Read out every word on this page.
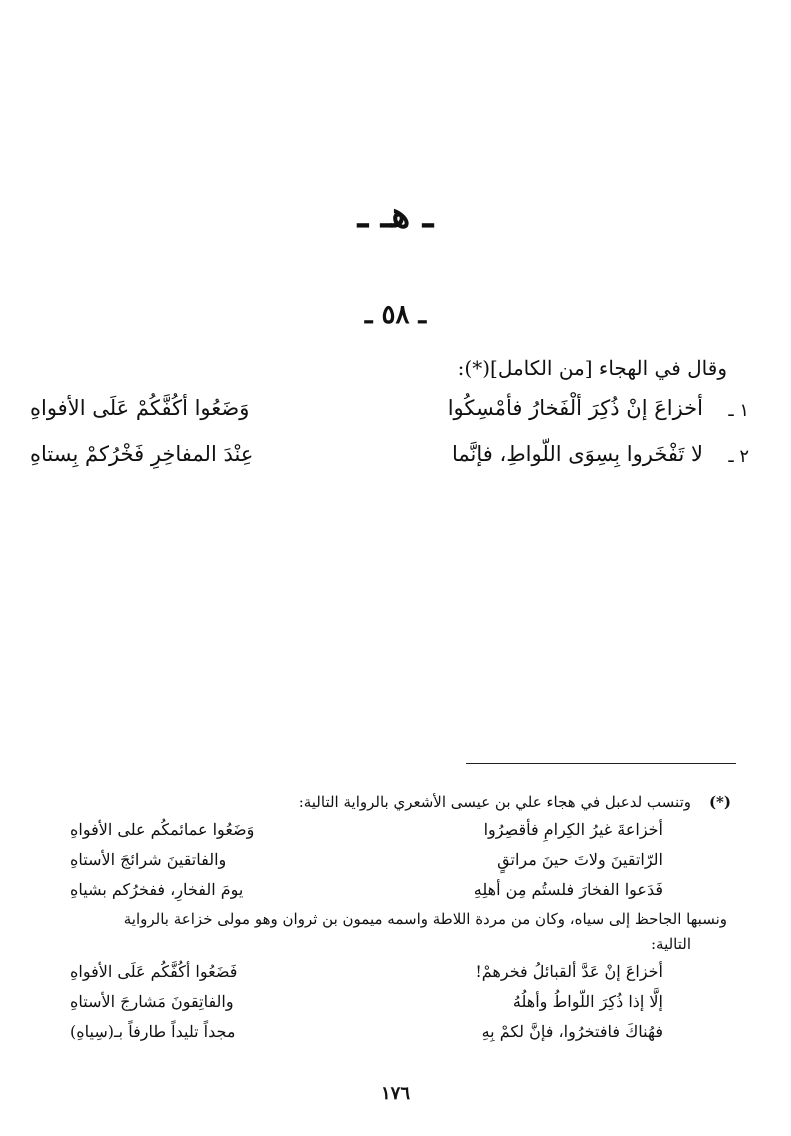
ـ هـ ـ
ـ ٥٨ ـ
وقال في الهجاء [من الكامل](*):
١ ـ
أخزاعَ إنْ ذُكِرَ ألْفَخارُ فأمْسِكُوا
وَضَعُوا أكُفَّكُمْ عَلَى الأفواهِ
٢ ـ
لا تَفْخَروا بِسِوَى اللّواطِ، فإنَّما
عِنْدَ المفاخِرِ فَخْرُكمْ بِستاهِ
(*)
وتنسب لدعبل في هجاء علي بن عيسى الأشعري بالرواية التالية:
أخزاعةَ غيرُ الكِرامِ فأقصِرُوا
وَضَعُوا عمائمكُم على الأفواهِ
الرّاتقينَ ولاتَ حينَ مراتقٍ
والفاتقينَ شرائجَ الأستاهِ
فَدَعوا الفخارَ فلستُم مِن أهلِهِ
يومَ الفخارِ، ففخرُكم بشياهِ
ونسبها الجاحظ إلى سياه، وكان من مردة اللاطة واسمه ميمون بن ثروان وهو مولى خزاعة بالرواية
التالية:
أخزاعَ إنْ عَدَّ ألقبائلُ فخرهمْ!
فَضَعُوا أكُفَّكُم عَلَى الأفواهِ
إلَّا إذا ذُكِرَ اللّواطُ وأهلُهُ
والفاتِقونَ مَشارجَ الأستاهِ
فهُناكَ فافتخرُوا، فإنَّ لكمْ بِهِ
مجداً تليداً طارفاً بـ(سِياهِ)
١٧٦
